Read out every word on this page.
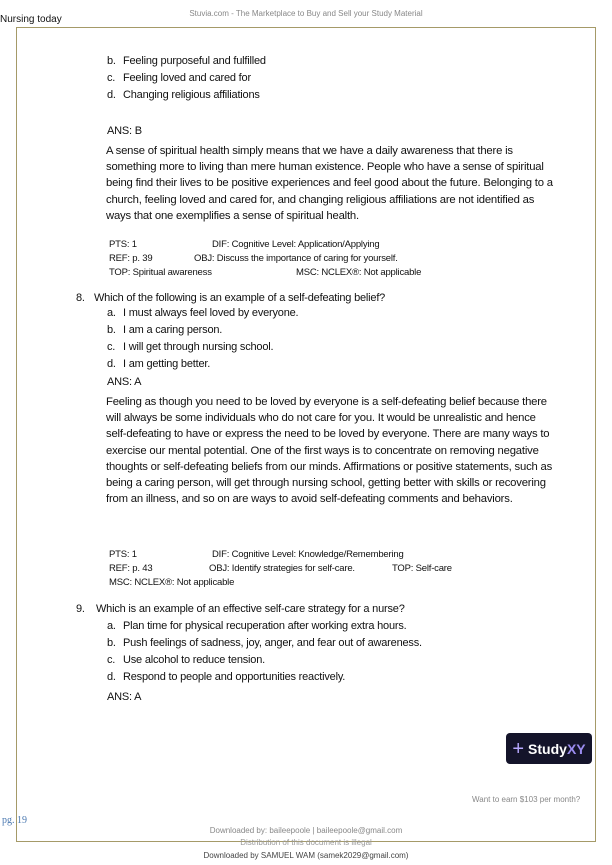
Stuvia.com - The Marketplace to Buy and Sell your Study Material
Nursing today
b. Feeling purposeful and fulfilled
c. Feeling loved and cared for
d. Changing religious affiliations
ANS: B
A sense of spiritual health simply means that we have a daily awareness that there is
something more to living than mere human existence. People who have a sense of spiritual
being find their lives to be positive experiences and feel good about the future. Belonging to a
church, feeling loved and cared for, and changing religious affiliations are not identified as
ways that one exemplifies a sense of spiritual health.
PTS: 1	DIF: Cognitive Level: Application/Applying
REF: p. 39	OBJ: Discuss the importance of caring for yourself.
TOP: Spiritual awareness	MSC: NCLEX®: Not applicable
8. Which of the following is an example of a self-defeating belief?
a. I must always feel loved by everyone.
b. I am a caring person.
c. I will get through nursing school.
d. I am getting better.
ANS: A
Feeling as though you need to be loved by everyone is a self-defeating belief because there
will always be some individuals who do not care for you. It would be unrealistic and hence
self-defeating to have or express the need to be loved by everyone. There are many ways to
exercise our mental potential. One of the first ways is to concentrate on removing negative
thoughts or self-defeating beliefs from our minds. Affirmations or positive statements, such as
being a caring person, will get through nursing school, getting better with skills or recovering
from an illness, and so on are ways to avoid self-defeating comments and behaviors.
PTS: 1	DIF: Cognitive Level: Knowledge/Remembering
REF: p. 43	OBJ: Identify strategies for self-care.	TOP: Self-care
MSC: NCLEX®: Not applicable
9. Which is an example of an effective self-care strategy for a nurse?
a. Plan time for physical recuperation after working extra hours.
b. Push feelings of sadness, joy, anger, and fear out of awareness.
c. Use alcohol to reduce tension.
d. Respond to people and opportunities reactively.
ANS: A
+ StudyXY
Want to earn $103 per month?
pg. 19
Downloaded by: baileepoole | baileepoole@gmail.com
Distribution of this document is illegal
Downloaded by SAMUEL WAM (samek2029@gmail.com)
